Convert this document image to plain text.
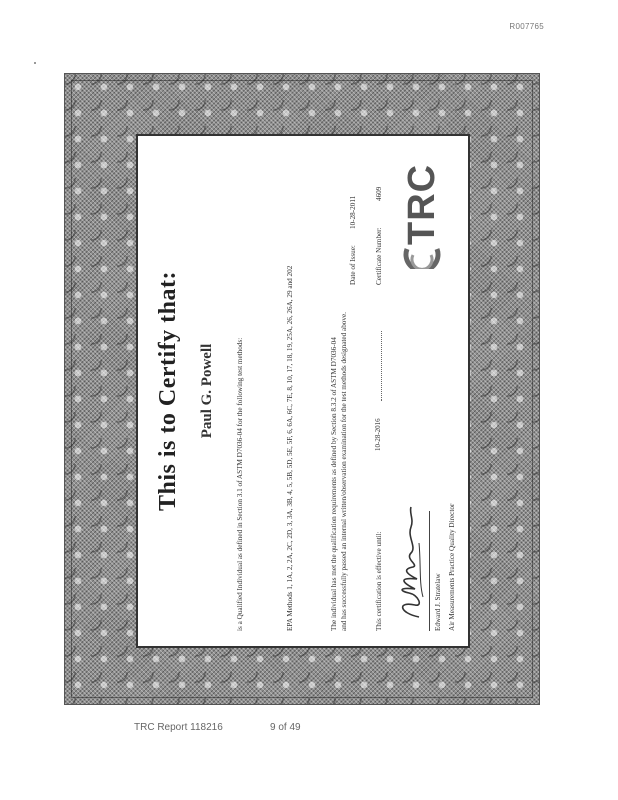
R007765
This is to Certify that: Paul G. Powell	is a Qualified Individual as defined in Section 3.1 of ASTM D7036-04 for the following test methods:	EPA Methods 1, 1A, 2, 2A, 2C, 2D, 3, 3A, 3B, 4, 5, 5B, 5D, 5E, 5F, 6, 6A, 6C, 7E, 8, 10, 17, 18, 19, 25A, 26, 26A, 29 and 202	The individual has met the qualification requirements as defined by Section 8.3.2 of ASTM D7036-04 and has successfully passed an internal written/observation examination for the test methods designated above.	This certification is effective until:
10-28-2016
Date of Issue:
10-28-2011
Certificate Number:
4609
Edward J. Stratelaw Air Measurements Practice Quality Director
TRC
TRC Report 118216	9 of 49
